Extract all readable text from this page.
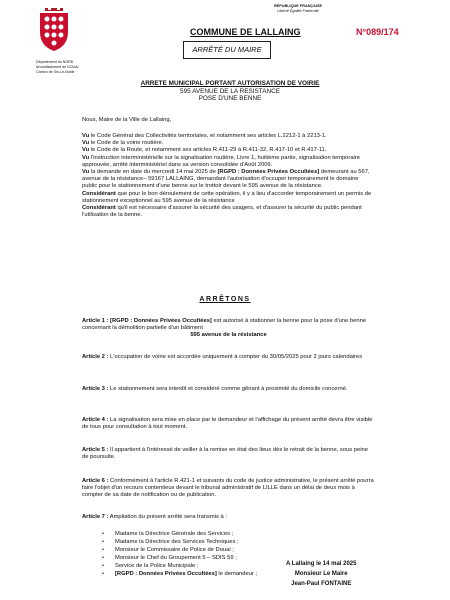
Département du NORD
Arrondissement de DOUAI
Canton de Sin-Le-Noble
RÉPUBLIQUE FRANÇAISE
Liberté Égalité Fraternité
COMMUNE DE LALLAING	N°089/174
ARRÊTÉ DU MAIRE
ARRETE MUNICIPAL PORTANT AUTORISATION DE VOIRIE
595 AVENUE DE LA RESISTANCE
POSE D'UNE BENNE
Nous, Maire de la Ville de Lallaing,
Vu le Code Général des Collectivités territoriales, et notamment ses articles L.2212-1 à 2213-1.
Vu le Code de la voirie routière.
Vu le Code de la Route, et notamment ses articles R.411-29 à R.411-32, R.417-10 et R.417-11.
Vu l'instruction interministérielle sur la signalisation routière, Livre 1, huitième partie, signalisation temporaire approuvée, arrêté interministériel dans sa version consolidée d'Août 2009.
Vu la demande en date du mercredi 14 mai 2025 de [RGPD : Données Privées Occultées] demeurant au 567, avenue de la résistance– 59167 LALLAING, demandant l'autorisation d'occuper temporairement le domaine public pour le stationnement d'une benne sur le trottoir devant le 595 avenue de la résistance.
Considérant que pour le bon déroulement de cette opération, il y a lieu d'accorder temporairement un permis de stationnement exceptionnel au 595 avenue de la résistance
Considérant qu'il est nécessaire d'assurer la sécurité des usagers, et d'assurer la sécurité du public pendant l'utilisation de la benne.
ARRÊTONS
Article 1 : [RGPD : Données Privées Occultées] est autorisé à stationner la benne pour la pose d'une benne concernant la démolition partielle d'un bâtiment
595 avenue de la résistance
Article 2 : L'occupation de voirie est accordée uniquement à compter du 30/05/2025 pour 2 jours calendaires
Article 3 : Le stationnement sera interdit et considéré comme gênant à proximité du domicile concerné.
Article 4 : La signalisation sera mise en place par le demandeur et l'affichage du présent arrêté devra être visible de tous pour consultation à tout moment.
Article 5 : Il appartient à l'intéressé de veiller à la remise en état des lieux dès le retrait de la benne, sous peine de poursuite.
Article 6 : Conformément à l'article R.421-1 et suivants du code de justice administrative, le présent arrêté pourra faire l'objet d'un recours contentieux devant le tribunal administratif de LILLE dans un délai de deux mois à compter de sa date de notification ou de publication.
Article 7 : Ampliation du présent arrêté sera transmis à :
• Madame la Directrice Générale des Services ;
• Madame la Directrice des Services Techniques ;
• Monsieur le Commissaire de Police de Douai ;
• Monsieur le Chef du Groupement 5 – SDIS 59 ;
• Service de la Police Municipale ;
• [RGPD : Données Privées Occultées] le demandeur ;
A Lallaing le 14 mai 2025
Monsieur Le Maire
Jean-Paul FONTAINE
